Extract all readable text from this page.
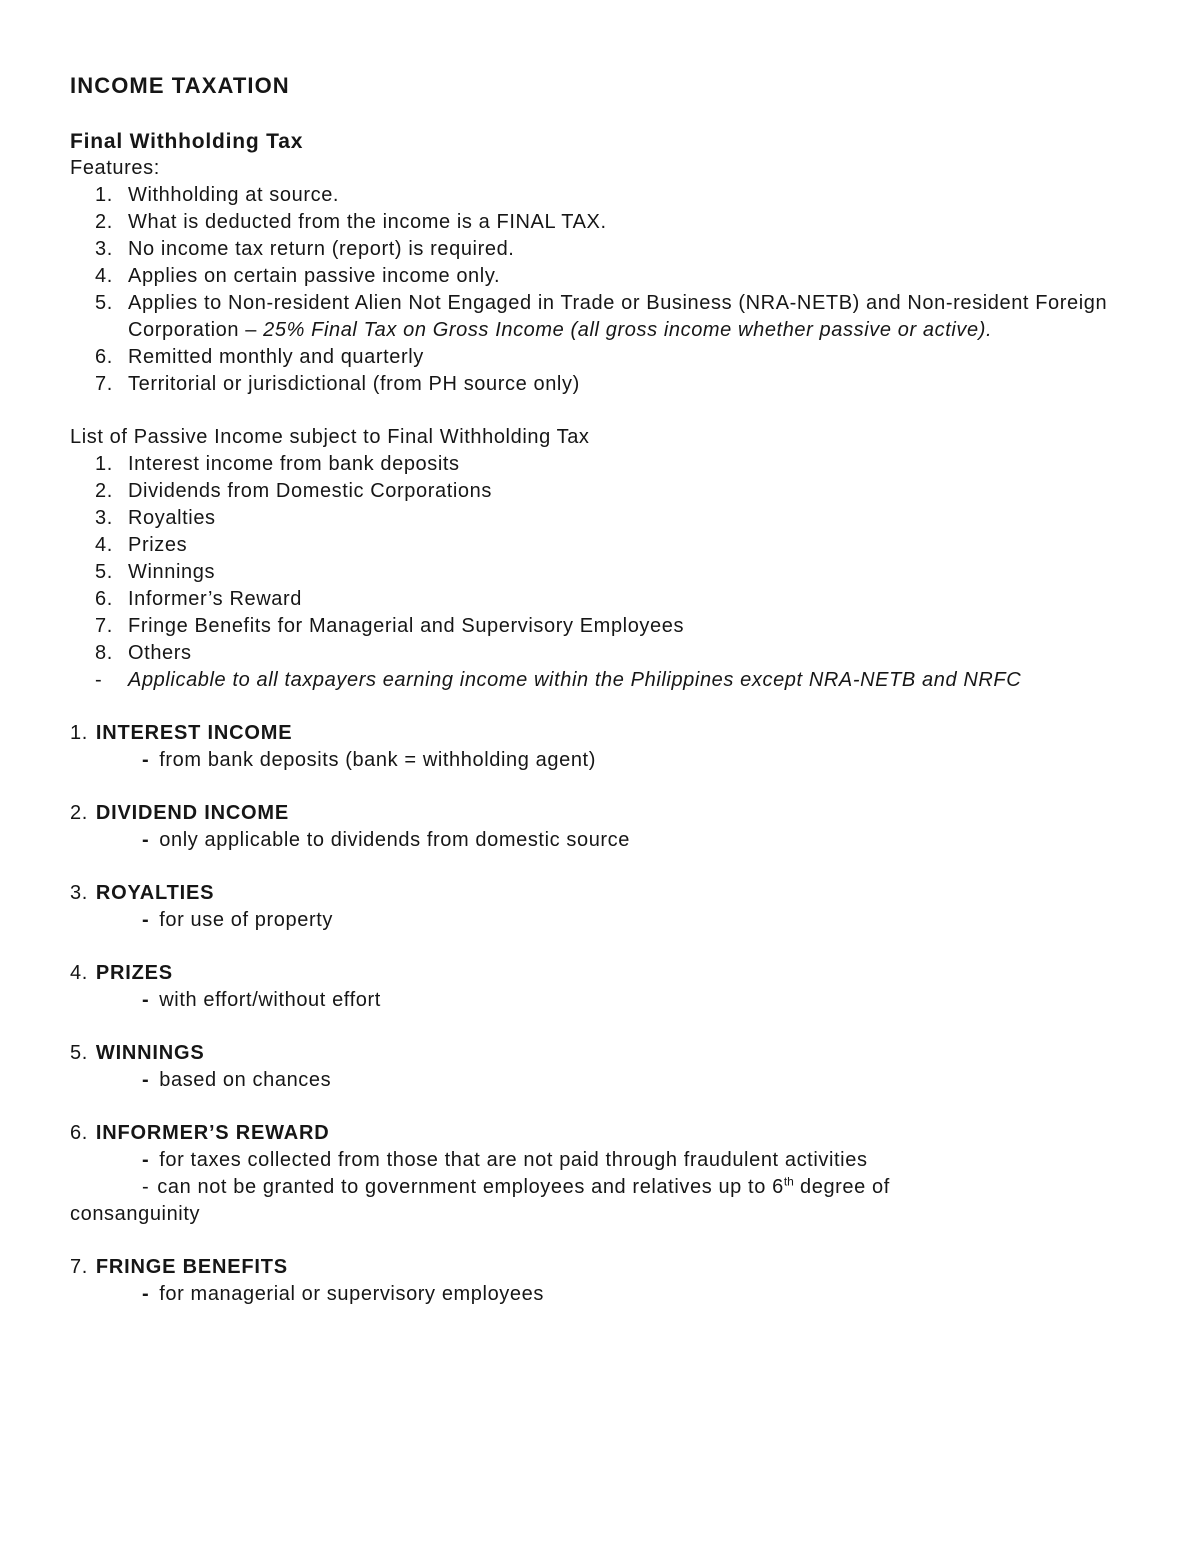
INCOME TAXATION
Final Withholding Tax

Features:

1. Withholding at source.
2. What is deducted from the income is a FINAL TAX.
3. No income tax return (report) is required.
4. Applies on certain passive income only.
5. Applies to Non-resident Alien Not Engaged in Trade or Business (NRA-NETB) and Non-resident Foreign Corporation – 25% Final Tax on Gross Income (all gross income whether passive or active).
6. Remitted monthly and quarterly
7. Territorial or jurisdictional (from PH source only)

List of Passive Income subject to Final Withholding Tax

1. Interest income from bank deposits
2. Dividends from Domestic Corporations
3. Royalties
4. Prizes
5. Winnings
6. Informer’s Reward
7. Fringe Benefits for Managerial and Supervisory Employees
8. Others
-	Applicable to all taxpayers earning income within the Philippines except NRA-NETB and NRFC

1. INTEREST INCOME

- from bank deposits (bank = withholding agent)

2. DIVIDEND INCOME

- only applicable to dividends from domestic source

3. ROYALTIES

- for use of property

4. PRIZES

- with effort/without effort

5. WINNINGS

- based on chances

6. INFORMER’S REWARD

- for taxes collected from those that are not paid through fraudulent activities

- can not be granted to government employees and relatives up to 6th degree of
consanguinity

7. FRINGE BENEFITS

- for managerial or supervisory employees
